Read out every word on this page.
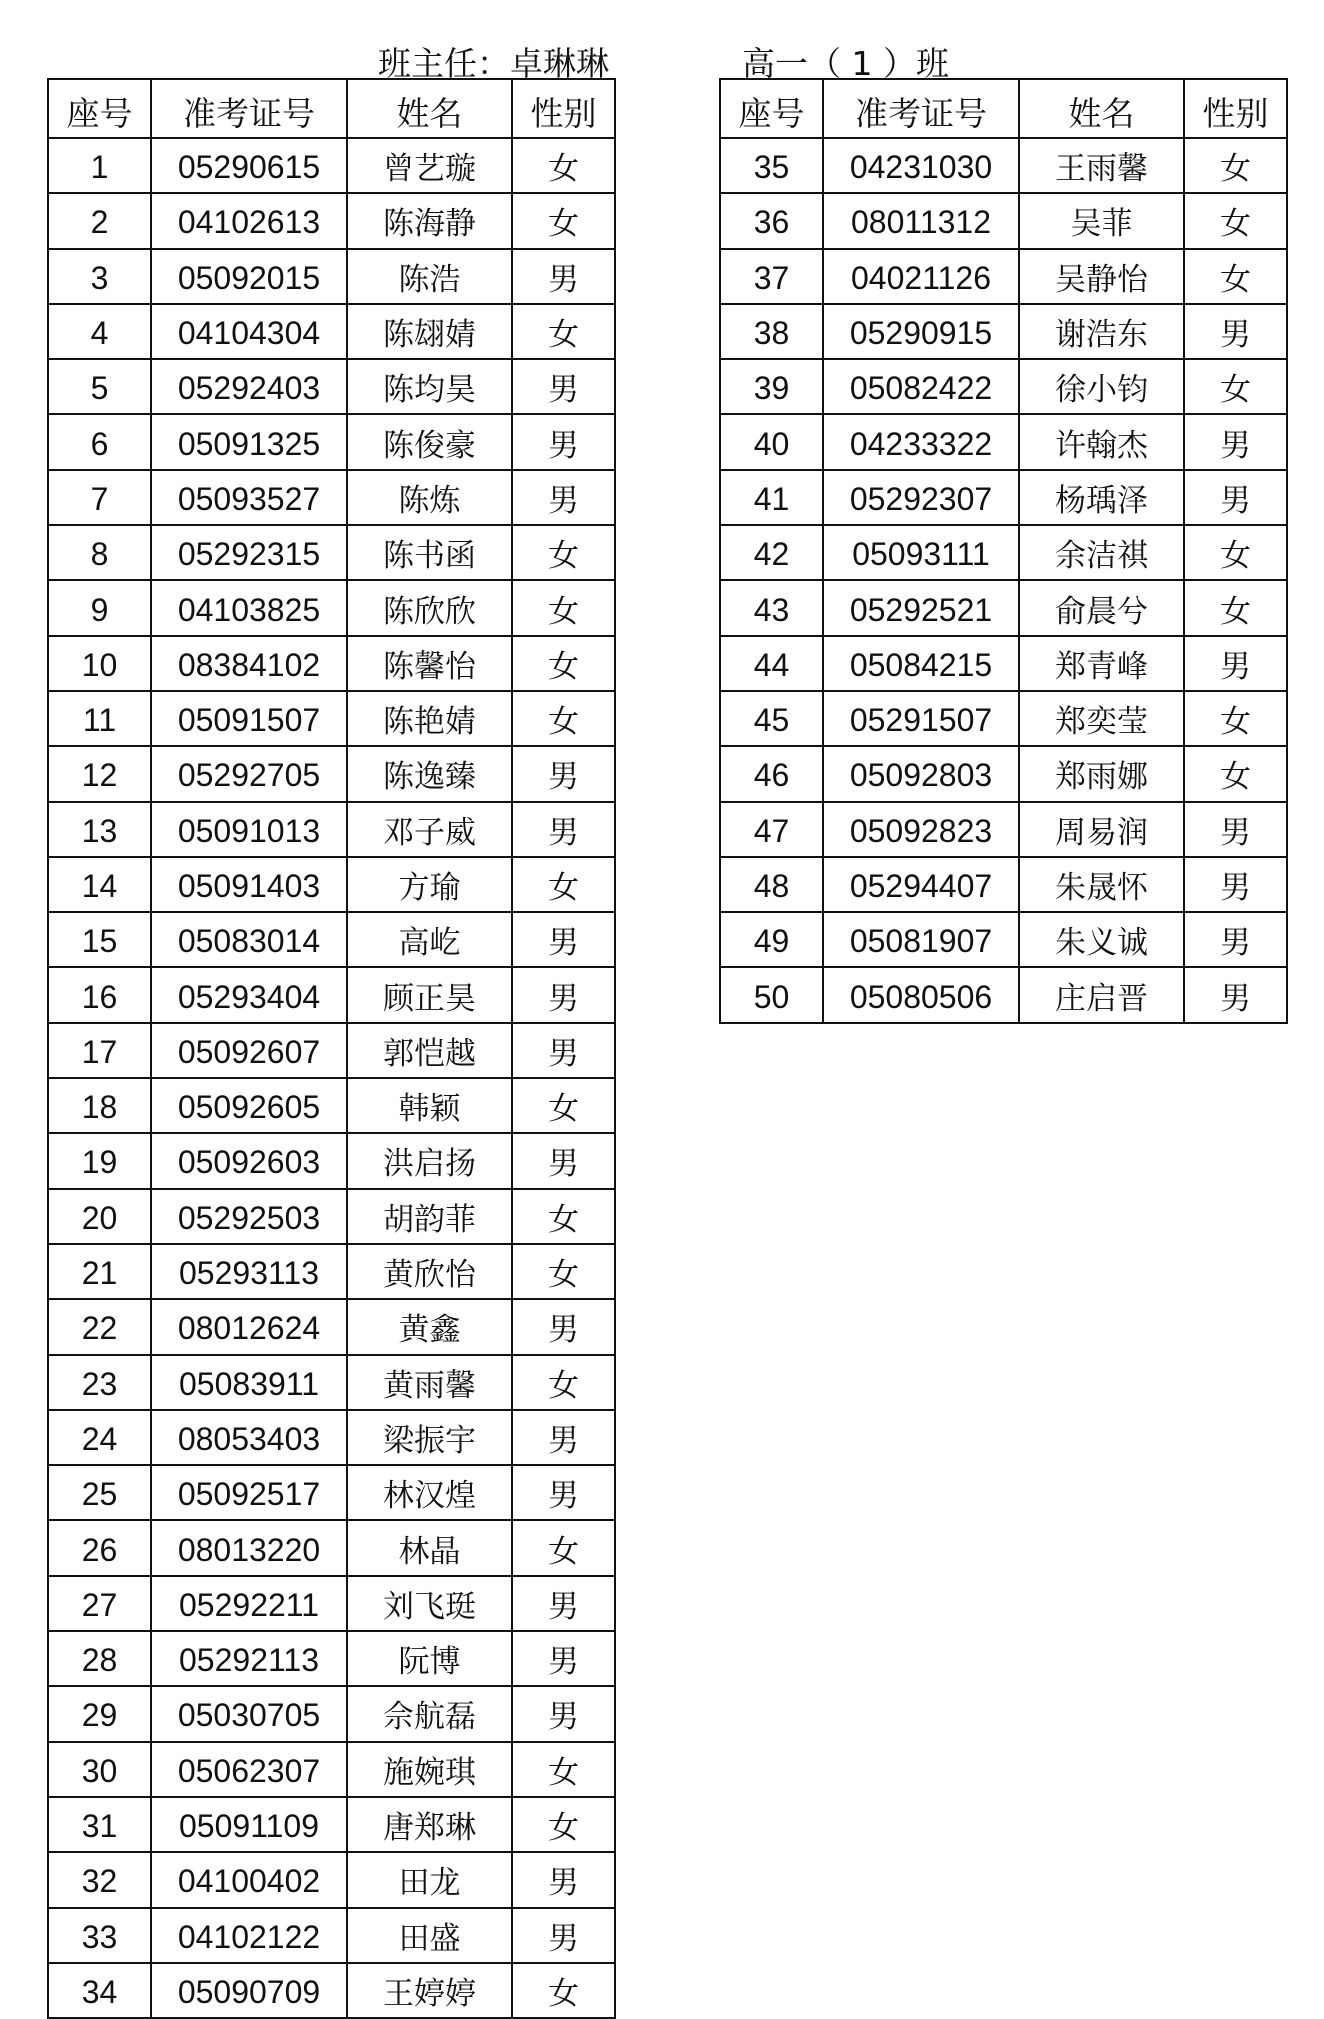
班主任：卓琳琳	高一（ 1 ）班
座号	准考证号	姓名	性别
1	05290615	曾艺璇	女
2	04102613	陈海静	女
3	05092015	陈浩	男
4	04104304	陈翃婧	女
5	05292403	陈均昊	男
6	05091325	陈俊豪	男
7	05093527	陈炼	男
8	05292315	陈书函	女
9	04103825	陈欣欣	女
10	08384102	陈馨怡	女
11	05091507	陈艳婧	女
12	05292705	陈逸臻	男
13	05091013	邓子威	男
14	05091403	方瑜	女
15	05083014	高屹	男
16	05293404	顾正昊	男
17	05092607	郭恺越	男
18	05092605	韩颖	女
19	05092603	洪启扬	男
20	05292503	胡韵菲	女
21	05293113	黄欣怡	女
22	08012624	黄鑫	男
23	05083911	黄雨馨	女
24	08053403	梁振宇	男
25	05092517	林汉煌	男
26	08013220	林晶	女
27	05292211	刘飞珽	男
28	05292113	阮博	男
29	05030705	佘航磊	男
30	05062307	施婉琪	女
31	05091109	唐郑琳	女
32	04100402	田龙	男
33	04102122	田盛	男
34	05090709	王婷婷	女
座号	准考证号	姓名	性别
35	04231030	王雨馨	女
36	08011312	吴菲	女
37	04021126	吴静怡	女
38	05290915	谢浩东	男
39	05082422	徐小钧	女
40	04233322	许翰杰	男
41	05292307	杨瑀泽	男
42	05093111	余洁祺	女
43	05292521	俞晨兮	女
44	05084215	郑青峰	男
45	05291507	郑奕莹	女
46	05092803	郑雨娜	女
47	05092823	周易润	男
48	05294407	朱晟怀	男
49	05081907	朱义诚	男
50	05080506	庄启晋	男
